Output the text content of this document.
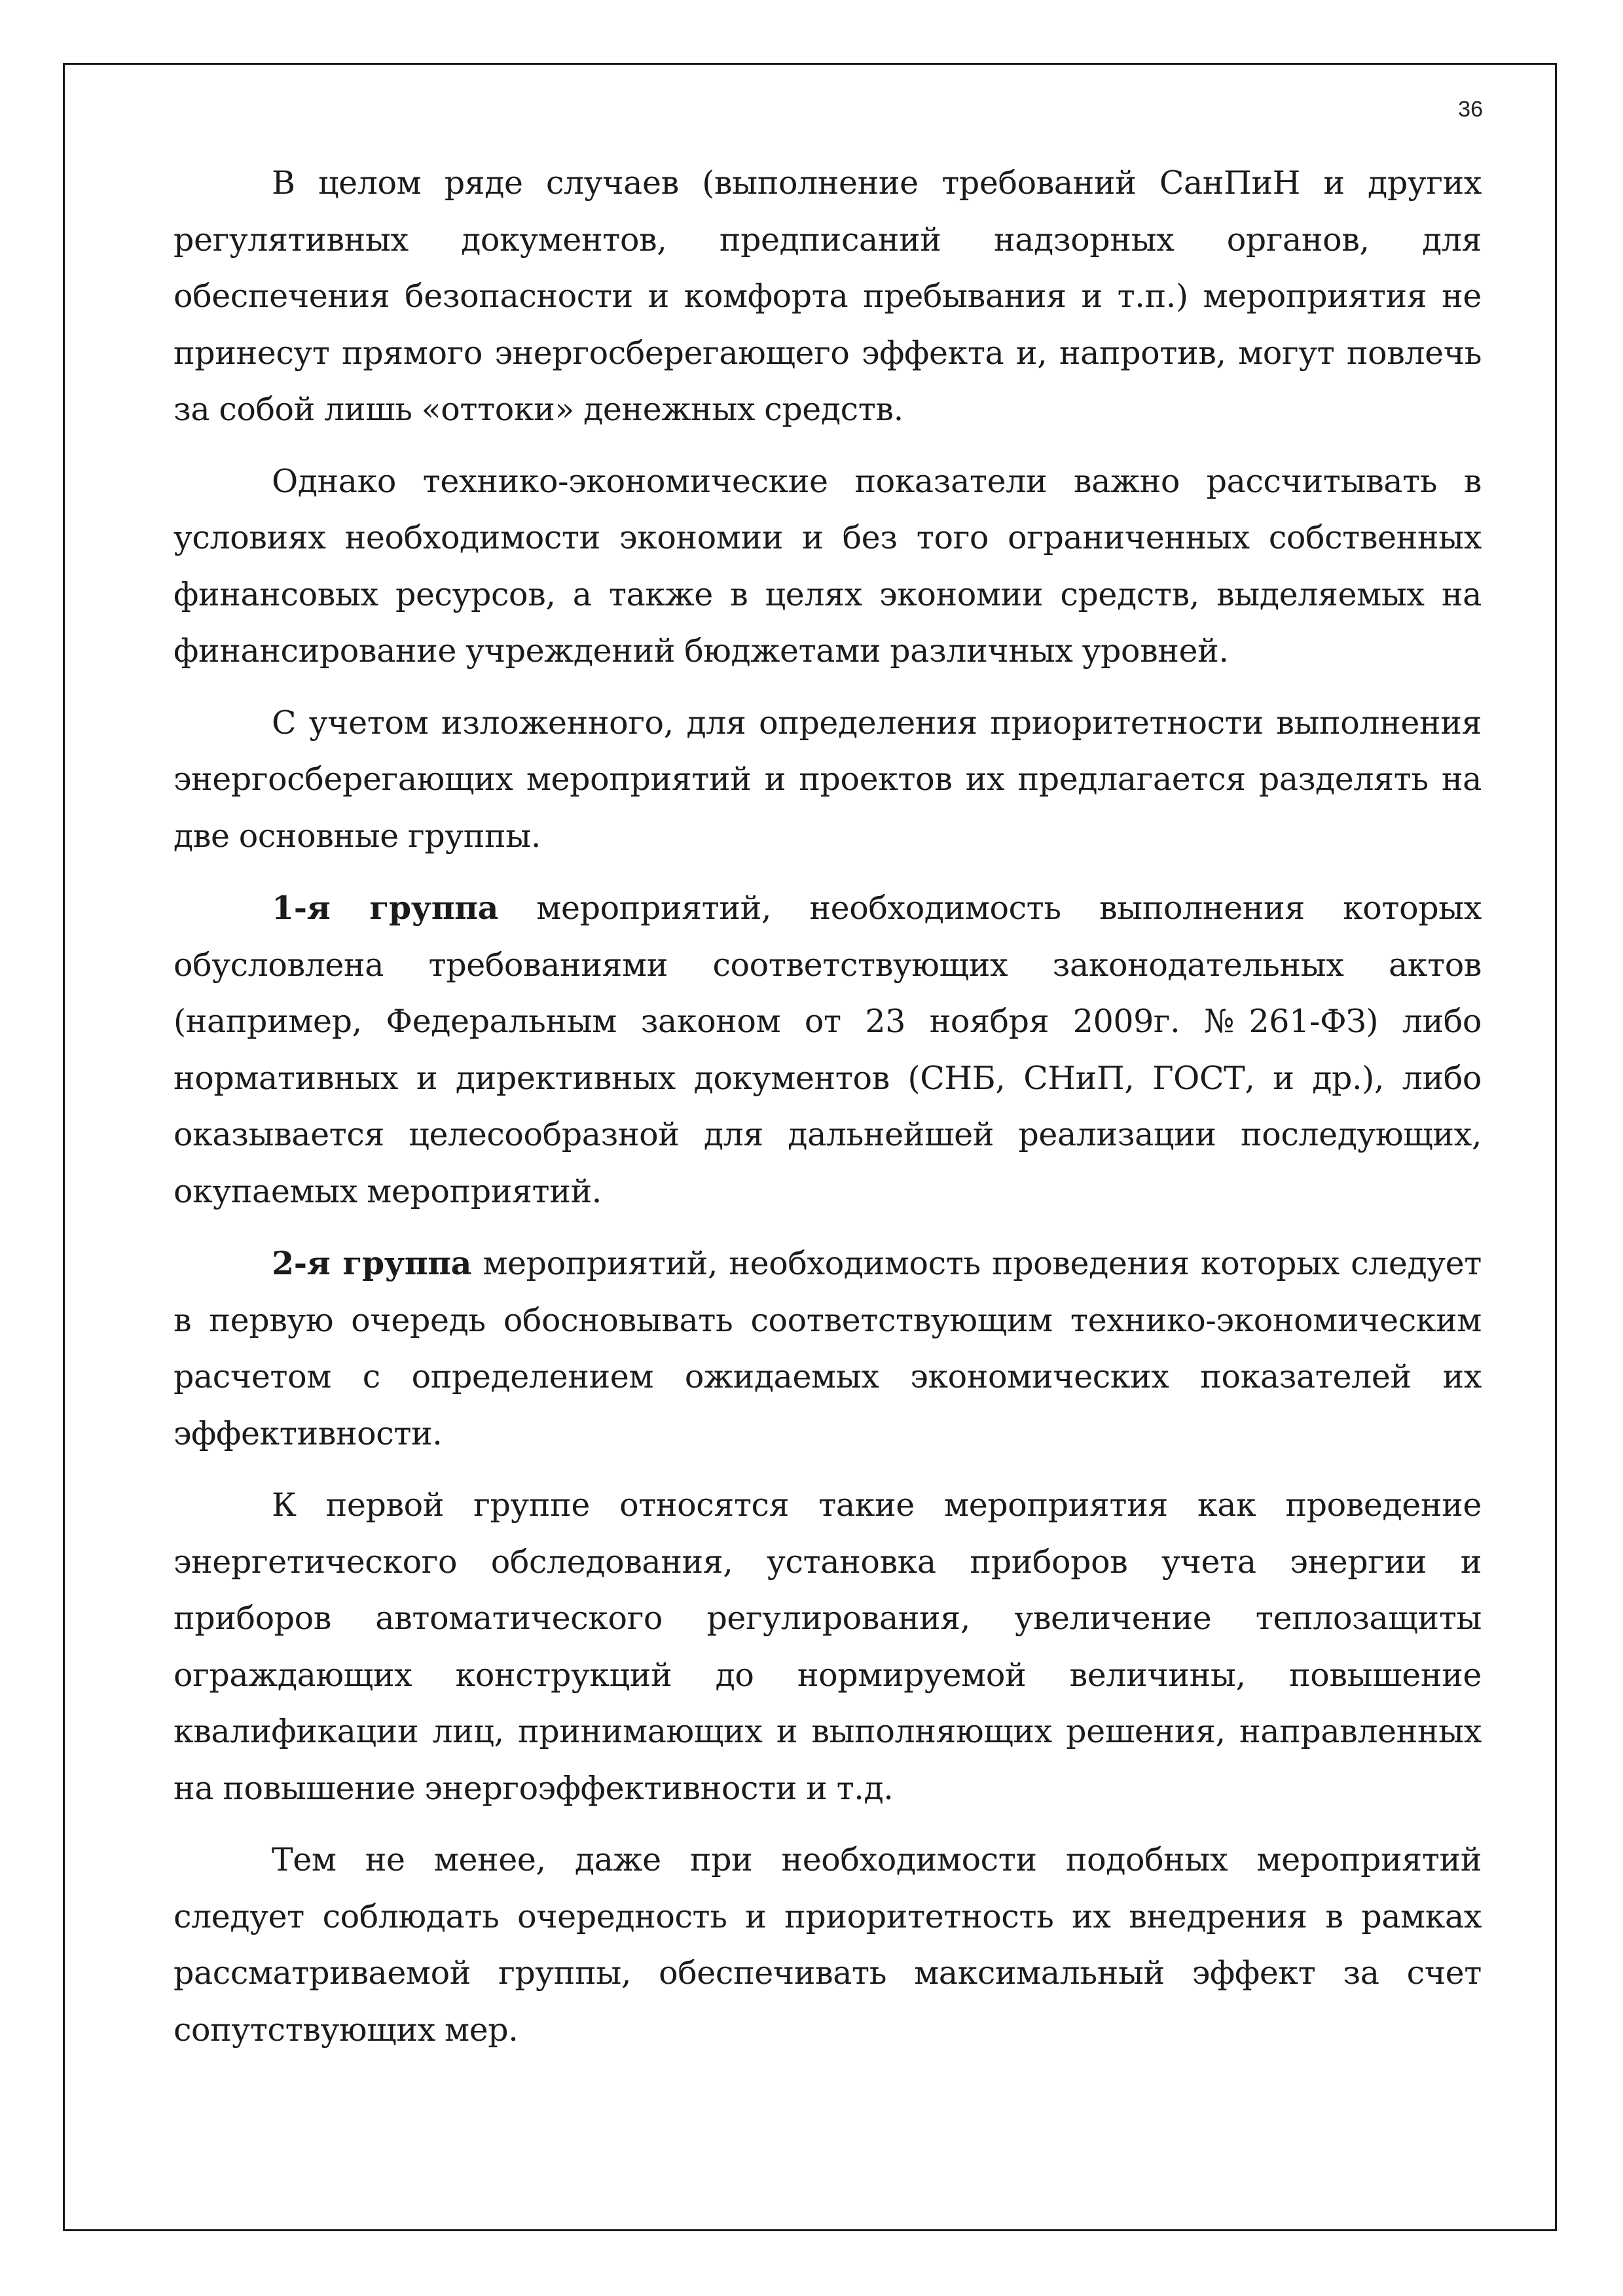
36

В целом ряде случаев (выполнение требований СанПиН и других регулятивных документов, предписаний надзорных органов, для обеспечения безопасности и комфорта пребывания и т.п.) мероприятия не принесут прямого энергосберегающего эффекта и, напротив, могут повлечь за собой лишь «оттоки» денежных средств.

Однако технико-экономические показатели важно рассчитывать в условиях необходимости экономии и без того ограниченных собственных финансовых ресурсов, а также в целях экономии средств, выделяемых на финансирование учреждений бюджетами различных уровней.

С учетом изложенного, для определения приоритетности выполнения энергосберегающих мероприятий и проектов их предлагается разделять на две основные группы.

1-я группа мероприятий, необходимость выполнения которых обусловлена требованиями соответствующих законодательных актов (например, Федеральным законом от 23 ноября 2009г. №261-ФЗ) либо нормативных и директивных документов (СНБ, СНиП, ГОСТ, и др.), либо оказывается целесообразной для дальнейшей реализации последующих, окупаемых мероприятий.

2-я группа мероприятий, необходимость проведения которых следует в первую очередь обосновывать соответствующим технико-экономическим расчетом с определением ожидаемых экономических показателей их эффективности.

К первой группе относятся такие мероприятия как проведение энергетического обследования, установка приборов учета энергии и приборов автоматического регулирования, увеличение теплозащиты ограждающих конструкций до нормируемой величины, повышение квалификации лиц, принимающих и выполняющих решения, направленных на повышение энергоэффективности и т.д.

Тем не менее, даже при необходимости подобных мероприятий следует соблюдать очередность и приоритетность их внедрения в рамках рассматриваемой группы, обеспечивать максимальный эффект за счет сопутствующих мер.
